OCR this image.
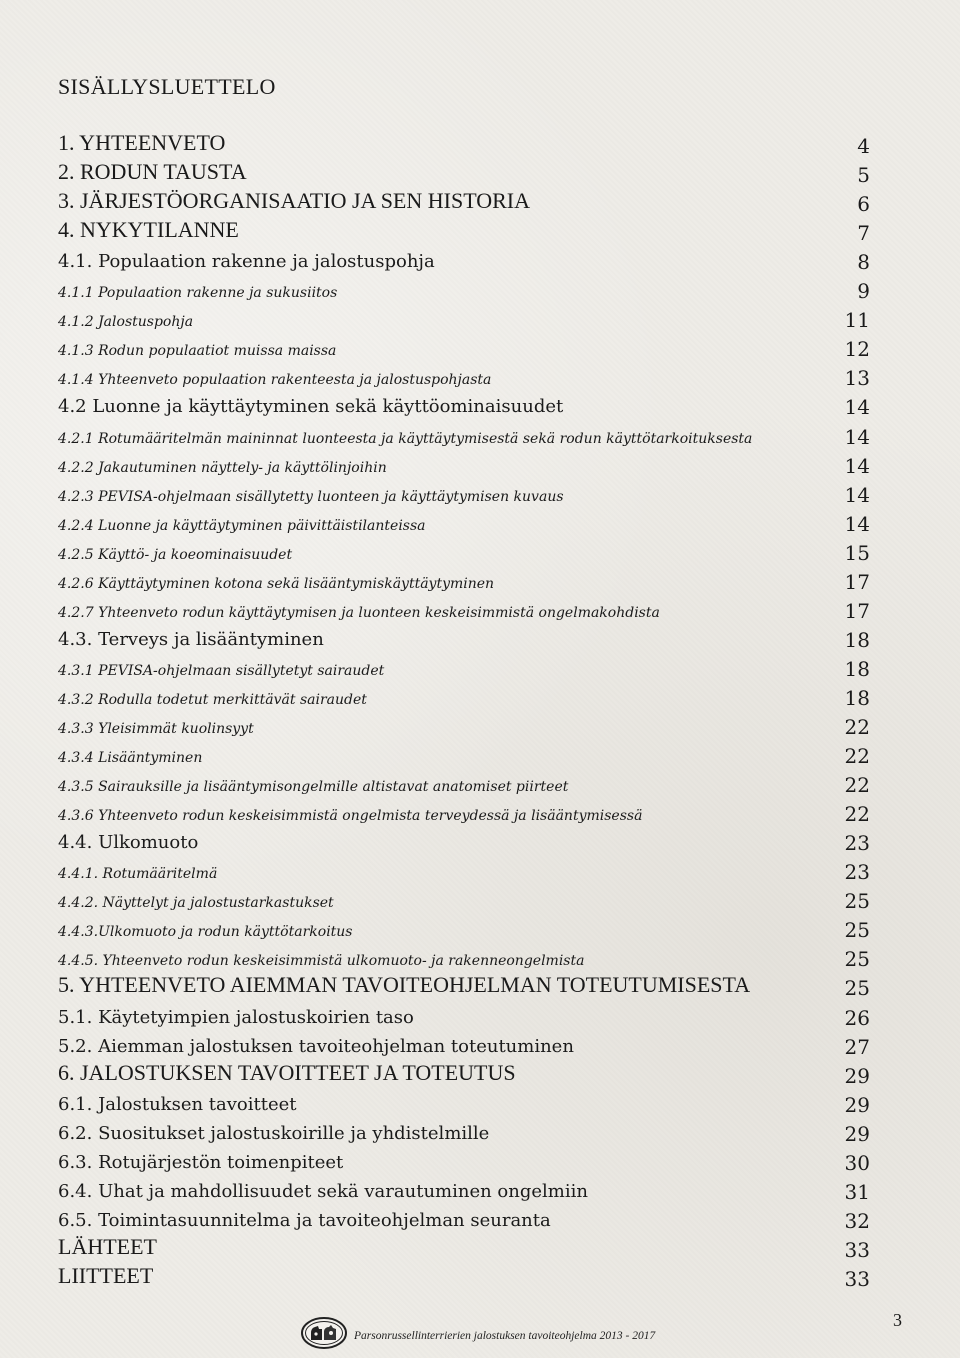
SISÄLLYSLUETTELO
1. YHTEENVETO	4
2. RODUN TAUSTA	5
3. JÄRJESTÖORGANISAATIO JA SEN HISTORIA	6
4. NYKYTILANNE	7
4.1. Populaation rakenne ja jalostuspohja	8
4.1.1 Populaation rakenne ja sukusiitos	9
4.1.2 Jalostuspohja	11
4.1.3 Rodun populaatiot muissa maissa	12
4.1.4 Yhteenveto populaation rakenteesta ja jalostuspohjasta	13
4.2 Luonne ja käyttäytyminen sekä käyttöominaisuudet	14
4.2.1 Rotumääritelmän maininnat luonteesta ja käyttäytymisestä sekä rodun käyttötarkoituksesta	14
4.2.2 Jakautuminen näyttely- ja käyttölinjoihin	14
4.2.3 PEVISA-ohjelmaan sisällytetty luonteen ja käyttäytymisen kuvaus	14
4.2.4 Luonne ja käyttäytyminen päivittäistilanteissa	14
4.2.5 Käyttö- ja koeominaisuudet	15
4.2.6 Käyttäytyminen kotona sekä lisääntymiskäyttäytyminen	17
4.2.7 Yhteenveto rodun käyttäytymisen ja luonteen keskeisimmistä ongelmakohdista	17
4.3. Terveys ja lisääntyminen	18
4.3.1 PEVISA-ohjelmaan sisällytetyt sairaudet	18
4.3.2 Rodulla todetut merkittävät sairaudet	18
4.3.3 Yleisimmät kuolinsyyt	22
4.3.4 Lisääntyminen	22
4.3.5 Sairauksille ja lisääntymisongelmille altistavat anatomiset piirteet	22
4.3.6 Yhteenveto rodun keskeisimmistä ongelmista terveydessä ja lisääntymisessä	22
4.4. Ulkomuoto	23
4.4.1. Rotumääritelmä	23
4.4.2. Näyttelyt ja jalostustarkastukset	25
4.4.3.Ulkomuoto ja rodun käyttötarkoitus	25
4.4.5. Yhteenveto rodun keskeisimmistä ulkomuoto- ja rakenneongelmista	25
5. YHTEENVETO AIEMMAN TAVOITEOHJELMAN TOTEUTUMISESTA	25
5.1. Käytetyimpien jalostuskoirien taso	26
5.2. Aiemman jalostuksen tavoiteohjelman toteutuminen	27
6. JALOSTUKSEN TAVOITTEET JA TOTEUTUS	29
6.1. Jalostuksen tavoitteet	29
6.2. Suositukset jalostuskoirille ja yhdistelmille	29
6.3. Rotujärjestön toimenpiteet	30
6.4. Uhat ja mahdollisuudet sekä varautuminen ongelmiin	31
6.5. Toimintasuunnitelma ja tavoiteohjelman seuranta	32
LÄHTEET	33
LIITTEET	33
Parsonrussellinterrierien jalostuksen tavoiteohjelma 2013 - 2017
3
